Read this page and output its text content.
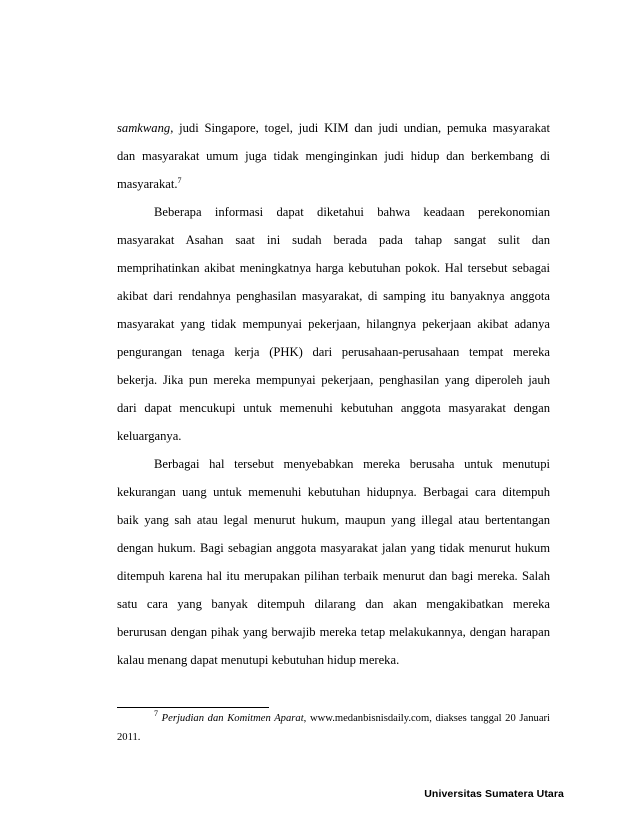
samkwang, judi Singapore, togel, judi KIM dan judi undian, pemuka masyarakat
dan masyarakat umum juga tidak menginginkan judi hidup dan berkembang di
masyarakat.$^7$
Beberapa informasi dapat diketahui bahwa keadaan perekonomian
masyarakat Asahan saat ini sudah berada pada tahap sangat sulit dan
memprihatinkan akibat meningkatnya harga kebutuhan pokok. Hal tersebut sebagai
akibat dari rendahnya penghasilan masyarakat, di samping itu banyaknya anggota
masyarakat yang tidak mempunyai pekerjaan, hilangnya pekerjaan akibat adanya
pengurangan tenaga kerja (PHK) dari perusahaan-perusahaan tempat mereka
bekerja. Jika pun mereka mempunyai pekerjaan, penghasilan yang diperoleh jauh
dari dapat mencukupi untuk memenuhi kebutuhan anggota masyarakat dengan
keluarganya.
Berbagai hal tersebut menyebabkan mereka berusaha untuk menutupi
kekurangan uang untuk memenuhi kebutuhan hidupnya. Berbagai cara ditempuh
baik yang sah atau legal menurut hukum, maupun yang illegal atau bertentangan
dengan hukum. Bagi sebagian anggota masyarakat jalan yang tidak menurut hukum
ditempuh karena hal itu merupakan pilihan terbaik menurut dan bagi mereka. Salah
satu cara yang banyak ditempuh dilarang dan akan mengakibatkan mereka
berurusan dengan pihak yang berwajib mereka tetap melakukannya, dengan harapan
kalau menang dapat menutupi kebutuhan hidup mereka.
$^7$ Perjudian dan Komitmen Aparat, www.medanbisnisdaily.com, diakses tanggal 20 Januari
2011.
Universitas Sumatera Utara
